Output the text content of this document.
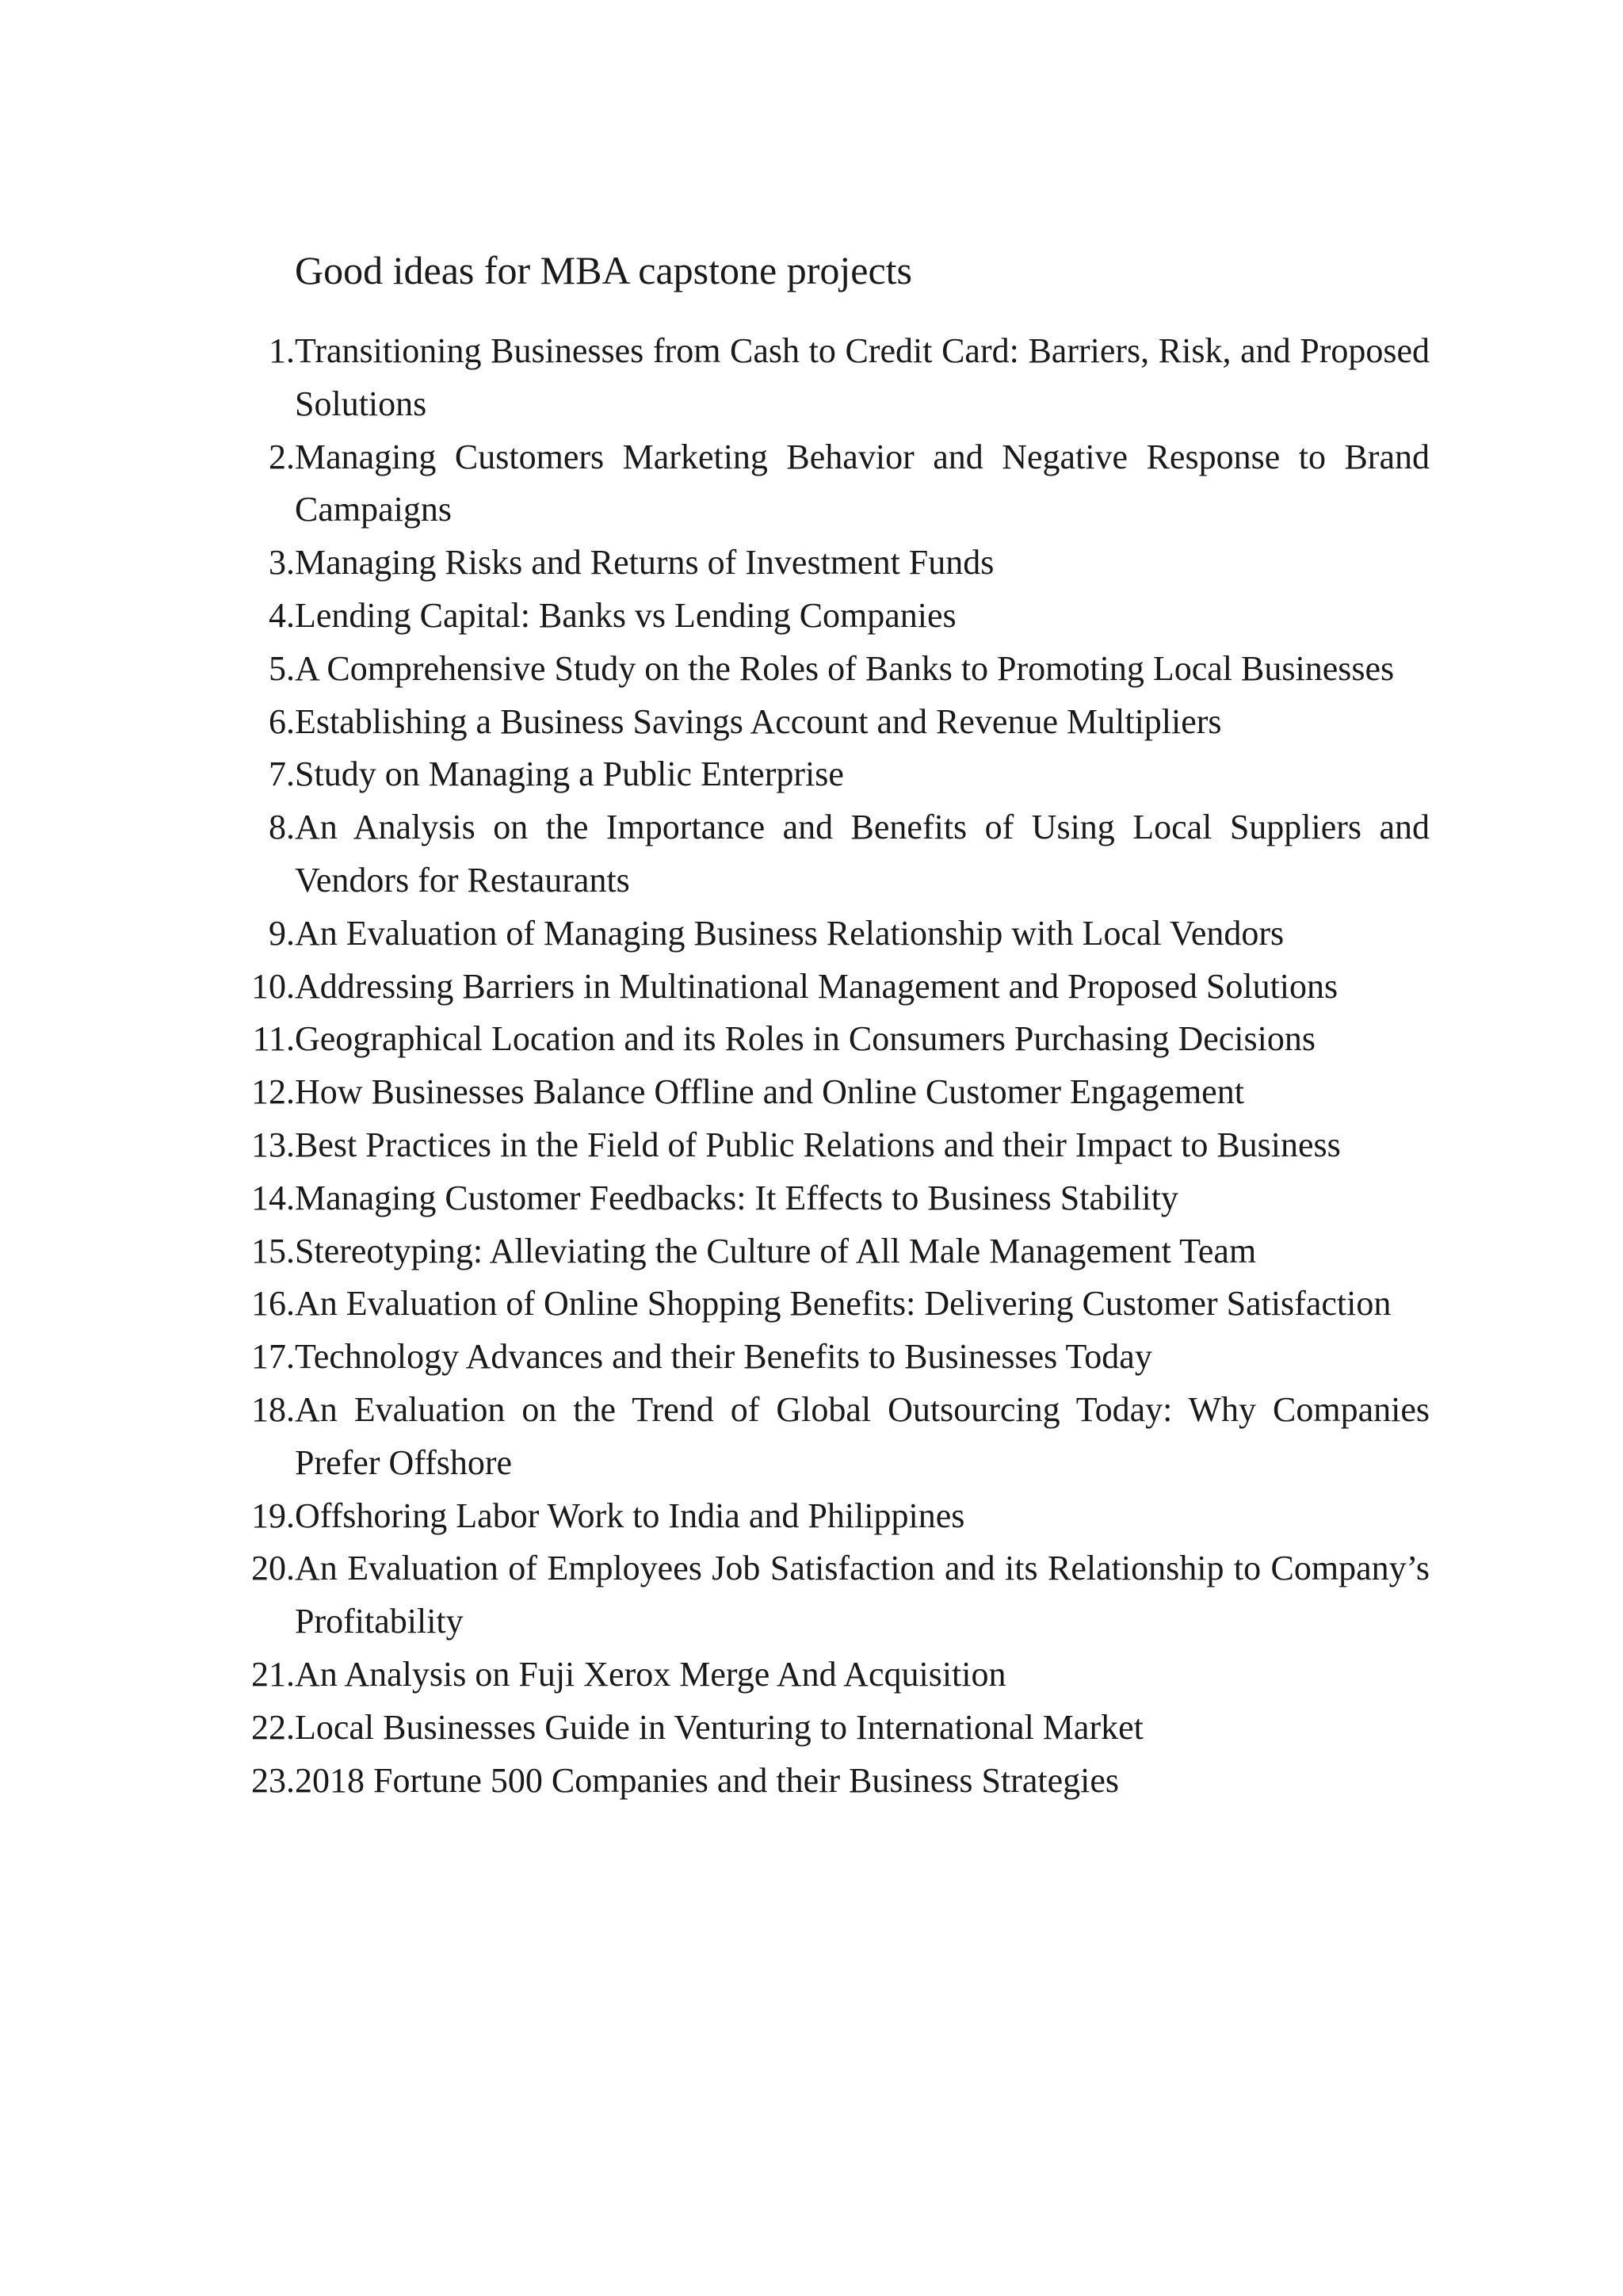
Good ideas for MBA capstone projects
1. Transitioning Businesses from Cash to Credit Card: Barriers, Risk, and Proposed Solutions
2. Managing Customers Marketing Behavior and Negative Response to Brand Campaigns
3. Managing Risks and Returns of Investment Funds
4. Lending Capital: Banks vs Lending Companies
5. A Comprehensive Study on the Roles of Banks to Promoting Local Businesses
6. Establishing a Business Savings Account and Revenue Multipliers
7. Study on Managing a Public Enterprise
8. An Analysis on the Importance and Benefits of Using Local Suppliers and Vendors for Restaurants
9. An Evaluation of Managing Business Relationship with Local Vendors
10. Addressing Barriers in Multinational Management and Proposed Solutions
11. Geographical Location and its Roles in Consumers Purchasing Decisions
12. How Businesses Balance Offline and Online Customer Engagement
13. Best Practices in the Field of Public Relations and their Impact to Business
14. Managing Customer Feedbacks: It Effects to Business Stability
15. Stereotyping: Alleviating the Culture of All Male Management Team
16. An Evaluation of Online Shopping Benefits: Delivering Customer Satisfaction
17. Technology Advances and their Benefits to Businesses Today
18. An Evaluation on the Trend of Global Outsourcing Today: Why Companies Prefer Offshore
19. Offshoring Labor Work to India and Philippines
20. An Evaluation of Employees Job Satisfaction and its Relationship to Company’s Profitability
21. An Analysis on Fuji Xerox Merge And Acquisition
22. Local Businesses Guide in Venturing to International Market
23. 2018 Fortune 500 Companies and their Business Strategies
